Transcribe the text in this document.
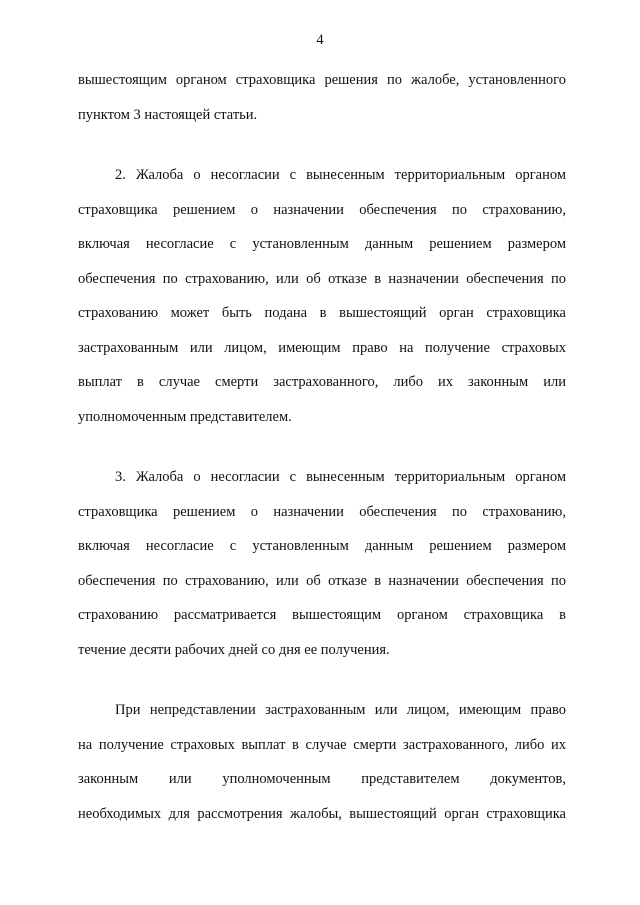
4
вышестоящим органом страховщика решения по жалобе, установленного
пунктом 3 настоящей статьи.
2. Жалоба о несогласии с вынесенным территориальным органом
страховщика решением о назначении обеспечения по страхованию,
включая несогласие с установленным данным решением размером
обеспечения по страхованию, или об отказе в назначении обеспечения по
страхованию может быть подана в вышестоящий орган страховщика
застрахованным или лицом, имеющим право на получение страховых
выплат в случае смерти застрахованного, либо их законным или
уполномоченным представителем.
3. Жалоба о несогласии с вынесенным территориальным органом
страховщика решением о назначении обеспечения по страхованию,
включая несогласие с установленным данным решением размером
обеспечения по страхованию, или об отказе в назначении обеспечения по
страхованию рассматривается вышестоящим органом страховщика в
течение десяти рабочих дней со дня ее получения.
При непредставлении застрахованным или лицом, имеющим право
на получение страховых выплат в случае смерти застрахованного, либо их
законным или уполномоченным представителем документов,
необходимых для рассмотрения жалобы, вышестоящий орган страховщика
